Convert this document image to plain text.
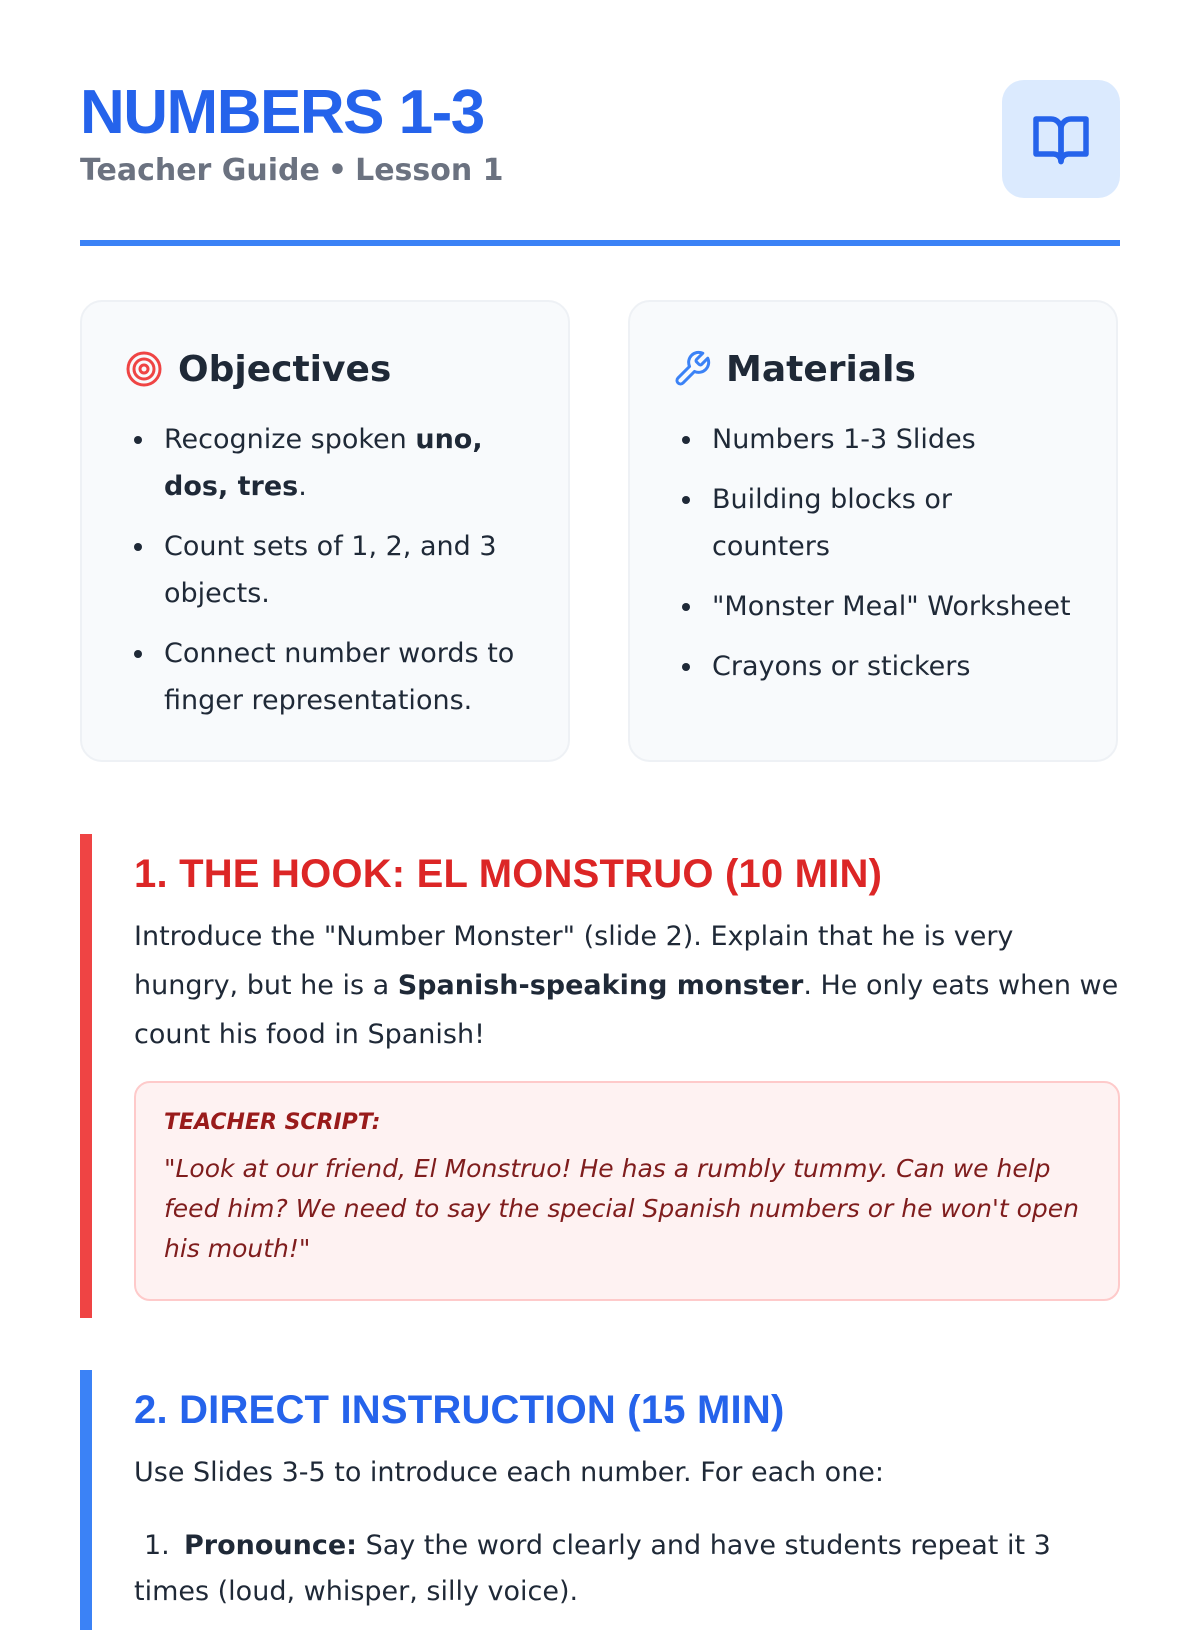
NUMBERS 1-3
Teacher Guide • Lesson 1
Objectives
Recognize spoken uno, dos, tres.
Count sets of 1, 2, and 3 objects.
Connect number words to finger representations.
Materials
Numbers 1-3 Slides
Building blocks or counters
"Monster Meal" Worksheet
Crayons or stickers
1. THE HOOK: EL MONSTRUO (10 MIN)

Introduce the "Number Monster" (slide 2). Explain that he is very hungry, but he is a Spanish-speaking monster. He only eats when we count his food in Spanish!

TEACHER SCRIPT:
"Look at our friend, El Monstruo! He has a rumbly tummy. Can we help feed him? We need to say the special Spanish numbers or he won't open his mouth!"
2. DIRECT INSTRUCTION (15 MIN)

Use Slides 3-5 to introduce each number. For each one:

1. Pronounce: Say the word clearly and have students repeat it 3 times (loud, whisper, silly voice).
